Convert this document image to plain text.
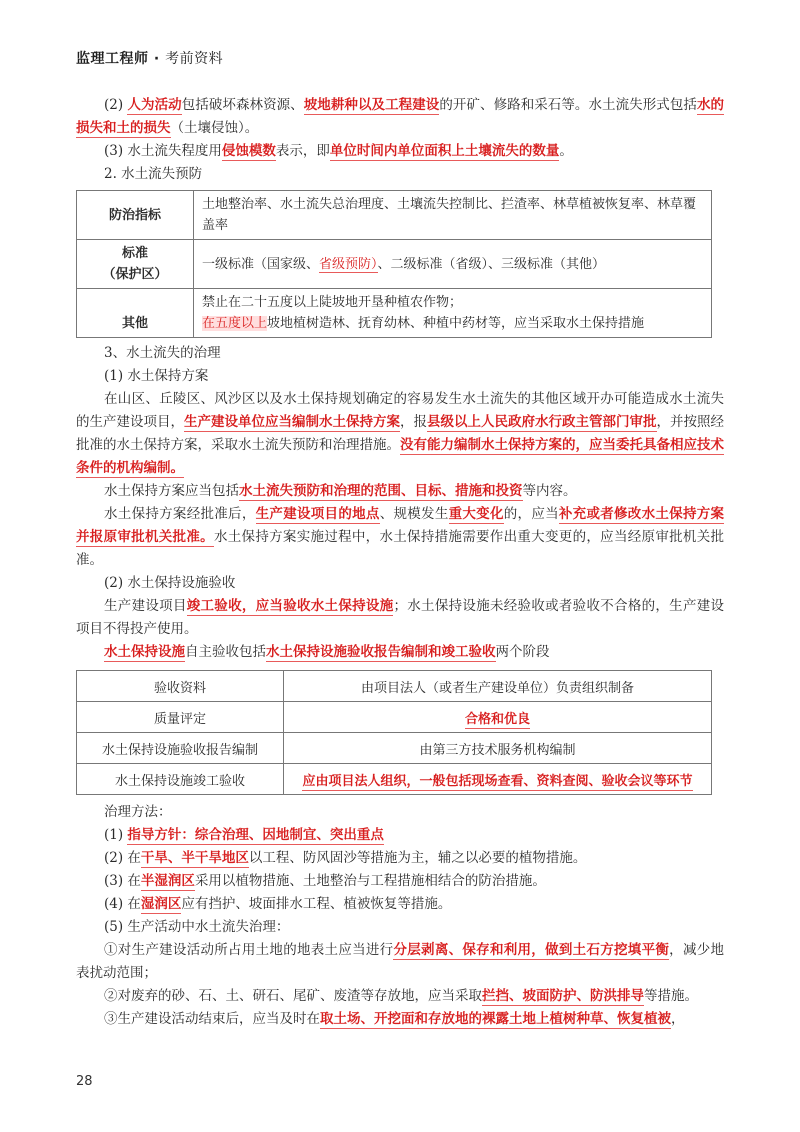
监理工程师 · 考前资料

(2) 人为活动包括破坏森林资源、坡地耕种以及工程建设的开矿、修路和采石等。水土流失形式包括水的损失和土的损失（土壤侵蚀）。

(3) 水土流失程度用侵蚀模数表示，即单位时间内单位面积上土壤流失的数量。

2. 水土流失预防

防治指标	土地整治率、水土流失总治理度、土壤流失控制比、拦渣率、林草植被恢复率、林草覆盖率
标准
（保护区）	一级标准（国家级、省级预防）、二级标准（省级）、三级标准（其他）
其他	禁止在二十五度以上陡坡地开垦种植农作物；
在五度以上坡地植树造林、抚育幼林、种植中药材等，应当采取水土保持措施

3、水土流失的治理

(1) 水土保持方案

在山区、丘陵区、风沙区以及水土保持规划确定的容易发生水土流失的其他区域开办可能造成水土流失的生产建设项目，生产建设单位应当编制水土保持方案，报县级以上人民政府水行政主管部门审批，并按照经批准的水土保持方案，采取水土流失预防和治理措施。没有能力编制水土保持方案的，应当委托具备相应技术条件的机构编制。

水土保持方案应当包括水土流失预防和治理的范围、目标、措施和投资等内容。

水土保持方案经批准后，生产建设项目的地点、规模发生重大变化的，应当补充或者修改水土保持方案并报原审批机关批准。水土保持方案实施过程中，水土保持措施需要作出重大变更的，应当经原审批机关批准。

(2) 水土保持设施验收

生产建设项目竣工验收，应当验收水土保持设施；水土保持设施未经验收或者验收不合格的，生产建设项目不得投产使用。

水土保持设施自主验收包括水土保持设施验收报告编制和竣工验收两个阶段

验收资料	由项目法人（或者生产建设单位）负责组织制备
质量评定	合格和优良
水土保持设施验收报告编制	由第三方技术服务机构编制
水土保持设施竣工验收	应由项目法人组织，一般包括现场查看、资料查阅、验收会议等环节

治理方法：

(1) 指导方针：综合治理、因地制宜、突出重点

(2) 在干旱、半干旱地区以工程、防风固沙等措施为主，辅之以必要的植物措施。

(3) 在半湿润区采用以植物措施、土地整治与工程措施相结合的防治措施。

(4) 在湿润区应有挡护、坡面排水工程、植被恢复等措施。

(5) 生产活动中水土流失治理：

①对生产建设活动所占用土地的地表土应当进行分层剥离、保存和利用，做到土石方挖填平衡，减少地表扰动范围；

②对废弃的砂、石、土、研石、尾矿、废渣等存放地，应当采取拦挡、坡面防护、防洪排导等措施。

③生产建设活动结束后，应当及时在取土场、开挖面和存放地的裸露土地上植树种草、恢复植被，

28
